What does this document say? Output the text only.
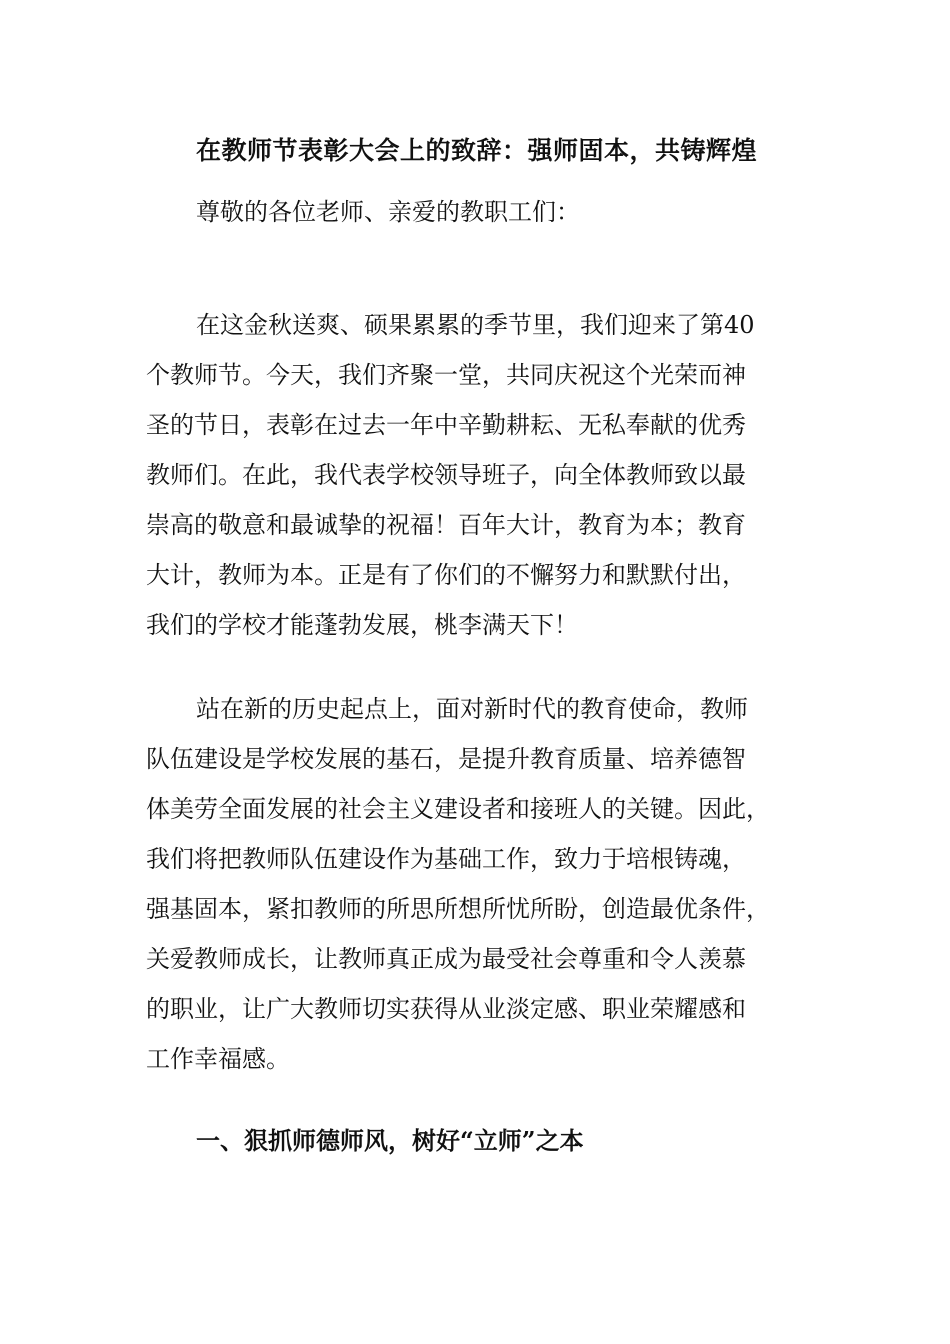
在教师节表彰大会上的致辞：强师固本，共铸辉煌
尊敬的各位老师、亲爱的教职工们：
在这金秋送爽、硕果累累的季节里，我们迎来了第40
个教师节。今天，我们齐聚一堂，共同庆祝这个光荣而神
圣的节日，表彰在过去一年中辛勤耕耘、无私奉献的优秀
教师们。在此，我代表学校领导班子，向全体教师致以最
崇高的敬意和最诚挚的祝福！百年大计，教育为本；教育
大计，教师为本。正是有了你们的不懈努力和默默付出，
我们的学校才能蓬勃发展，桃李满天下！
站在新的历史起点上，面对新时代的教育使命，教师
队伍建设是学校发展的基石，是提升教育质量、培养德智
体美劳全面发展的社会主义建设者和接班人的关键。因此，
我们将把教师队伍建设作为基础工作，致力于培根铸魂，
强基固本，紧扣教师的所思所想所忧所盼，创造最优条件，
关爱教师成长，让教师真正成为最受社会尊重和令人羡慕
的职业，让广大教师切实获得从业淡定感、职业荣耀感和
工作幸福感。
一、狠抓师德师风，树好“立师”之本
